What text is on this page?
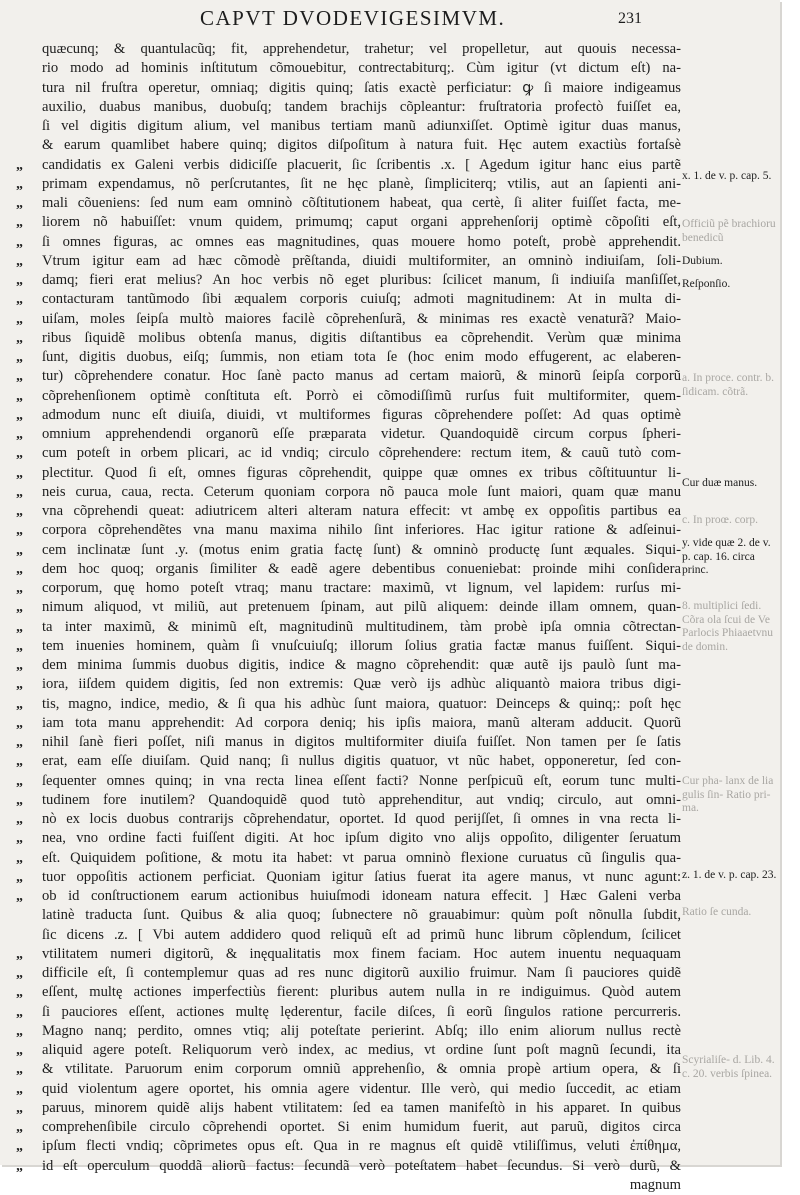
CAPVT DVODEVIGESIMVM.	231
quæcunq; & quantulacũq; fit, apprehendetur, trahetur; vel propelletur, aut quouis necessa-
rio modo ad hominis inſtitutum cõmouebitur, contrectabiturq;. Cùm igitur (vt dictum eſt) na-
tura nil fruſtra operetur, omniaq; digitis quinq; ſatis exactè perficiatur: ꝙ ſi maiore indigeamus
auxilio, duabus manibus, duobuſq; tandem brachijs cõpleantur: fruſtratoria profectò fuiſſet ea,
ſi vel digitis digitum alium, vel manibus tertiam manũ adiunxiſſet. Optimè igitur duas manus,
& earum quamlibet habere quinq; digitos diſpoſitum à natura fuit. Hęc autem exactiùs fortaſsè
„	candidatis ex Galeni verbis didiciſſe placuerit, ſic ſcribentis .x. [ Agedum igitur hanc eius partẽ
„	primam expendamus, nõ perſcrutantes, ſit ne hęc planè, ſimpliciterq; vtilis, aut an ſapienti ani-
„	mali cõueniens: ſed num eam omninò cõſtitutionem habeat, qua certè, ſi aliter fuiſſet facta, me-
„	liorem nõ habuiſſet: vnum quidem, primumq; caput organi apprehenſorij optimè cõpoſiti eſt,
„	ſi omnes figuras, ac omnes eas magnitudines, quas mouere homo poteſt, probè apprehendit.
„	Vtrum igitur eam ad hæc cõmodè prẽſtanda, diuidi multiformiter, an omninò indiuiſam, ſoli-
„	damq; fieri erat melius? An hoc verbis nõ eget pluribus: ſcilicet manum, ſi indiuiſa manſiſſet,
„	contacturam tantũmodo ſibi æqualem corporis cuiuſq; admoti magnitudinem: At in multa di-
„	uiſam, moles ſeipſa multò maiores facilè cõprehenſurã, & minimas res exactè venaturã? Maio-
„	ribus ſiquidẽ molibus obtenſa manus, digitis diſtantibus ea cõprehendit. Verùm quæ minima
„	ſunt, digitis duobus, eiſq; ſummis, non etiam tota ſe (hoc enim modo effugerent, ac elaberen-
„	tur) cõprehendere conatur. Hoc ſanè pacto manus ad certam maiorũ, & minorũ ſeipſa corporũ
„	cõprehenſionem optimè conſtituta eſt. Porrò ei cõmodiſſimũ rurſus fuit multiformiter, quem-
„	admodum nunc eſt diuiſa, diuidi, vt multiformes figuras cõprehendere poſſet: Ad quas optimè
„	omnium apprehendendi organorũ eſſe præparata videtur. Quandoquidẽ circum corpus ſpheri-
„	cum poteſt in orbem plicari, ac id vndiq; circulo cõprehendere: rectum item, & cauũ tutò com-
„	plectitur. Quod ſi eſt, omnes figuras cõprehendit, quippe quæ omnes ex tribus cõſtituuntur li-
„	neis curua, caua, recta. Ceterum quoniam corpora nõ pauca mole ſunt maiori, quam quæ manu
„	vna cõprehendi queat: adiutricem alteri alteram natura effecit: vt ambę ex oppoſitis partibus ea
„	corpora cõprehendẽtes vna manu maxima nihilo ſint inferiores. Hac igitur ratione & adſeinui-
„	cem inclinatæ ſunt .y. (motus enim gratia factę ſunt) & omninò productę ſunt æquales. Siqui-
„	dem hoc quoq; organis ſimiliter & eadẽ agere debentibus conueniebat: proinde mihi conſidera
„	corporum, quę homo poteſt vtraq; manu tractare: maximũ, vt lignum, vel lapidem: rurſus mi-
„	nimum aliquod, vt miliũ, aut pretenuem ſpinam, aut pilũ aliquem: deinde illam omnem, quan-
„	ta inter maximũ, & minimũ eſt, magnitudinũ multitudinem, tàm probè ipſa omnia cõtrectan-
„	tem inuenies hominem, quàm ſi vnuſcuiuſq; illorum ſolius gratia factæ manus fuiſſent. Siqui-
„	dem minima ſummis duobus digitis, indice & magno cõprehendit: quæ autẽ ijs paulò ſunt ma-
„	iora, iiſdem quidem digitis, ſed non extremis: Quæ verò ijs adhùc aliquantò maiora tribus digi-
„	tis, magno, indice, medio, & ſi qua his adhùc ſunt maiora, quatuor: Deinceps & quinq;: poſt hęc
„	iam tota manu apprehendit: Ad corpora deniq; his ipſis maiora, manũ alteram adducit. Quorũ
„	nihil ſanè fieri poſſet, niſi manus in digitos multiformiter diuiſa fuiſſet. Non tamen per ſe ſatis
„	erat, eam eſſe diuiſam. Quid nanq; ſi nullus digitis quatuor, vt nũc habet, opponeretur, ſed con-
„	ſequenter omnes quinq; in vna recta linea eſſent facti? Nonne perſpicuũ eſt, eorum tunc multi-
„	tudinem fore inutilem? Quandoquidẽ quod tutò apprehenditur, aut vndiq; circulo, aut omni-
„	nò ex locis duobus contrarijs cõprehendatur, oportet. Id quod perijſſet, ſi omnes in vna recta li-
„	nea, vno ordine facti fuiſſent digiti. At hoc ipſum digito vno alijs oppoſito, diligenter ſeruatum
„	eſt. Quiquidem poſitione, & motu ita habet: vt parua omninò flexione curuatus cũ ſingulis qua-
„	tuor oppoſitis actionem perficiat. Quoniam igitur ſatius fuerat ita agere manus, vt nunc agunt:
„	ob id conſtructionem earum actionibus huiuſmodi idoneam natura effecit. ] Hæc Galeni verba
latinè traducta ſunt. Quibus & alia quoq; ſubnectere nõ grauabimur: quùm poſt nõnulla ſubdit,
ſic dicens .z. [ Vbi autem addidero quod reliquũ eſt ad primũ hunc librum cõplendum, ſcilicet
„	vtilitatem numeri digitorũ, & inęqualitatis mox finem faciam. Hoc autem inuentu nequaquam
„	difficile eſt, ſi contemplemur quas ad res nunc digitorũ auxilio fruimur. Nam ſi pauciores quidẽ
„	eſſent, multę actiones imperfectiùs fierent: pluribus autem nulla in re indiguimus. Quòd autem
„	ſi pauciores eſſent, actiones multę lęderentur, facile diſces, ſi eorũ ſingulos ratione percurreris.
„	Magno nanq; perdito, omnes vtiq; alij poteſtate perierint. Abſq; illo enim aliorum nullus rectè
„	aliquid agere poteſt. Reliquorum verò index, ac medius, vt ordine ſunt poſt magnũ ſecundi, ita
„	& vtilitate. Paruorum enim corporum omniũ apprehenſio, & omnia propè artium opera, & ſi
„	quid violentum agere oportet, his omnia agere videntur. Ille verò, qui medio ſuccedit, ac etiam
„	paruus, minorem quidẽ alijs habent vtilitatem: ſed ea tamen manifeſtò in his apparet. In quibus
„	comprehenſibile circulo cõprehendi oportet. Si enim humidum fuerit, aut paruũ, digitos circa
„	ipſum flecti vndiq; cõprimetes opus eſt. Qua in re magnus eſt quidẽ vtiliſſimus, veluti ἐπίθημα,
„	id eſt operculum quoddã aliorũ factus: ſecundã verò poteſtatem habet ſecundus. Si verò durũ, &
magnum
x. 1. de v. p. cap. 5.
Officiũ pẽ brachioru benedicũ
Dubium.
Reſponſio.
a. In proce. contr. b. ſidicam. cõtrã.
Cur duæ manus.
c. In proœ. corp.
y. vide quæ 2. de v. p. cap. 16. circa princ.
8. multiplici ſedi. Cõra ola ſcui de Ve Parlocis Phiaaetvnu de domin.
Cur pha- lanx de lia gulis ſin- Ratio pri- ma.
z. 1. de v. p. cap. 23.
Ratio ſe cunda.
Scyrialiſe- d. Lib. 4. c. 20. verbis ſpinea.
